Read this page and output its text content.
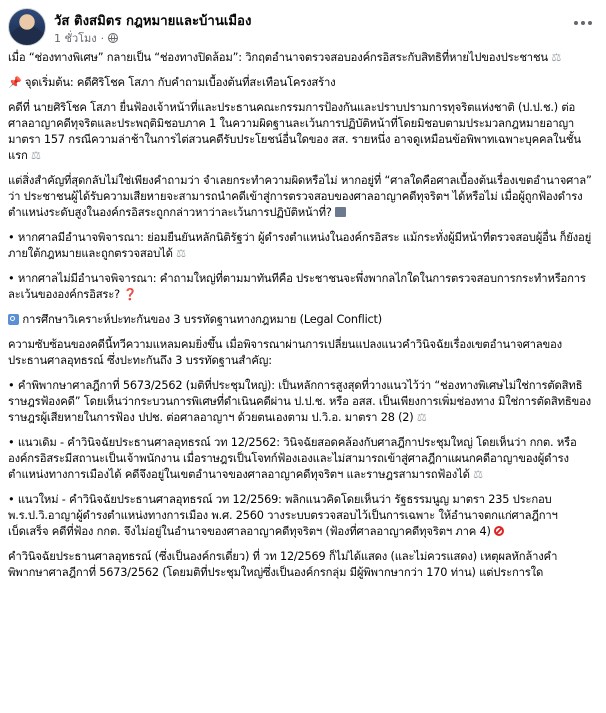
วัส ติงสมิตร กฎหมายและบ้านเมือง
1 ชั่วโมง ·

เมื่อ “ช่องทางพิเศษ” กลายเป็น “ช่องทางปิดล้อม”: วิกฤตอำนาจตรวจสอบองค์กรอิสระกับสิทธิที่หายไปของประชาชน ⚖

📌 จุดเริ่มต้น: คดีศิริโชค โสภา กับคำถามเบื้องต้นที่สะเทือนโครงสร้าง

คดีที่ นายศิริโชค โสภา ยื่นฟ้องเจ้าหน้าที่และประธานคณะกรรมการป้องกันและปราบปรามการทุจริตแห่งชาติ (ป.ป.ช.) ต่อ ศาลอาญาคดีทุจริตและประพฤติมิชอบภาค 1 ในความผิดฐานละเว้นการปฏิบัติหน้าที่โดยมิชอบตามประมวลกฎหมายอาญา มาตรา 157 กรณีความล่าช้าในการไต่สวนคดีรับประโยชน์อื่นใดของ สส. รายหนึ่ง อาจดูเหมือนข้อพิพาทเฉพาะบุคคลในชั้นแรก ⚖

แต่สิ่งสำคัญที่สุดกลับไม่ใช่เพียงคำถามว่า จำเลยกระทำความผิดหรือไม่ หากอยู่ที่ “ศาลใดคือศาลเบื้องต้นเรื่องเขตอำนาจศาล” ว่า ประชาชนผู้ได้รับความเสียหายจะสามารถนำคดีเข้าสู่การตรวจสอบของศาลอาญาคดีทุจริตฯ ได้หรือไม่ เมื่อผู้ถูกฟ้องดำรงตำแหน่งระดับสูงในองค์กรอิสระถูกกล่าวหาว่าละเว้นการปฏิบัติหน้าที่?

• หากศาลมีอำนาจพิจารณา: ย่อมยืนยันหลักนิติรัฐว่า ผู้ดำรงตำแหน่งในองค์กรอิสระ แม้กระทั่งผู้มีหน้าที่ตรวจสอบผู้อื่น ก็ยังอยู่ภายใต้กฎหมายและถูกตรวจสอบได้ ⚖

• หากศาลไม่มีอำนาจพิจารณา: คำถามใหญ่ที่ตามมาทันทีคือ ประชาชนจะพึ่งพากลไกใดในการตรวจสอบการกระทำหรือการละเว้นขององค์กรอิสระ? ❓

การศึกษาวิเคราะห์ปะทะกันของ 3 บรรทัดฐานทางกฎหมาย (Legal Conflict)

ความซับซ้อนของคดีนี้ทวีความแหลมคมยิ่งขึ้น เมื่อพิจารณาผ่านการเปลี่ยนแปลงแนวคำวินิจฉัยเรื่องเขตอำนาจศาลของประธานศาลอุทธรณ์ ซึ่งปะทะกันถึง 3 บรรทัดฐานสำคัญ:

• คำพิพากษาศาลฎีกาที่ 5673/2562 (มติที่ประชุมใหญ่): เป็นหลักการสูงสุดที่วางแนวไว้ว่า “ช่องทางพิเศษไม่ใช่การตัดสิทธิราษฎรฟ้องคดี” โดยเห็นว่ากระบวนการพิเศษที่ดำเนินคดีผ่าน ป.ป.ช. หรือ อสส. เป็นเพียงการเพิ่มช่องทาง มิใช่การตัดสิทธิของราษฎรผู้เสียหายในการฟ้อง ปปช. ต่อศาลอาญาฯ ด้วยตนเองตาม ป.วิ.อ. มาตรา 28 (2) ⚖

• แนวเดิม - คำวินิจฉัยประธานศาลอุทธรณ์ วท 12/2562: วินิจฉัยสอดคล้องกับศาลฎีกาประชุมใหญ่ โดยเห็นว่า กกต. หรือองค์กรอิสระมีสถานะเป็นเจ้าพนักงาน เมื่อราษฎรเป็นโจทก์ฟ้องเองและไม่สามารถเข้าสู่ศาลฎีกาแผนกคดีอาญาของผู้ดำรงตำแหน่งทางการเมืองได้ คดีจึงอยู่ในเขตอำนาจของศาลอาญาคดีทุจริตฯ และราษฎรสามารถฟ้องได้ ⚖

• แนวใหม่ - คำวินิจฉัยประธานศาลอุทธรณ์ วท 12/2569: พลิกแนวคิดโดยเห็นว่า รัฐธรรมนูญ มาตรา 235 ประกอบ พ.ร.ป.วิ.อาญาผู้ดำรงตำแหน่งทางการเมือง พ.ศ. 2560 วางระบบตรวจสอบไว้เป็นการเฉพาะ ให้อำนาจตกแก่ศาลฎีกาฯ เบ็ดเสร็จ คดีที่ฟ้อง กกต. จึงไม่อยู่ในอำนาจของศาลอาญาคดีทุจริตฯ (ฟ้องที่ศาลอาญาคดีทุจริตฯ ภาค 4)

คำวินิจฉัยประธานศาลอุทธรณ์ (ซึ่งเป็นองค์กรเดี่ยว) ที่ วท 12/2569 ก็ไม่ได้แสดง (และไม่ควรแสดง) เหตุผลหักล้างคำพิพากษาศาลฎีกาที่ 5673/2562 (โดยมติที่ประชุมใหญ่ซึ่งเป็นองค์กรกลุ่ม มีผู้พิพากษากว่า 170 ท่าน) แต่ประการใด
